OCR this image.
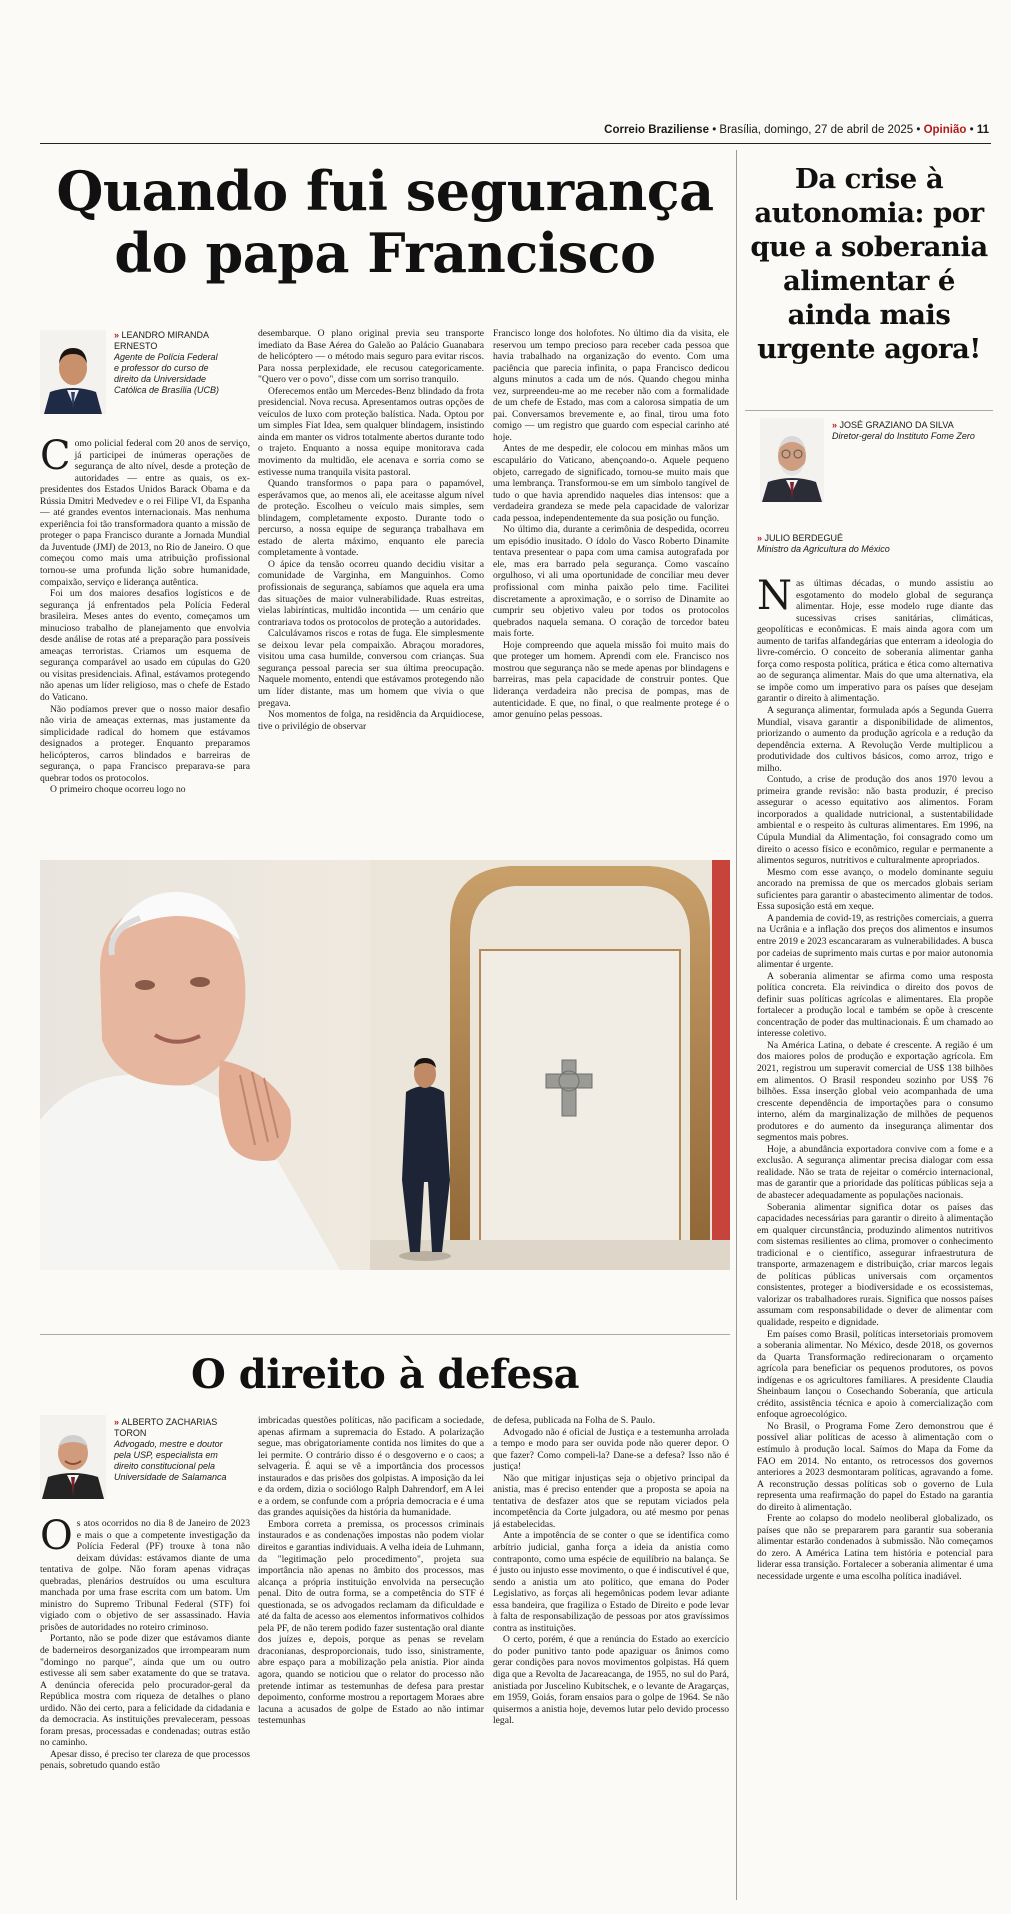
Correio Braziliense • Brasília, domingo, 27 de abril de 2025 • Opinião • 11
Quando fui segurança do papa Francisco
» LEANDRO MIRANDA ERNESTO
Agente de Polícia Federal e professor do curso de direito da Universidade Católica de Brasília (UCB)

Como policial federal com 20 anos de serviço, já participei de inúmeras operações de segurança de alto nível, desde a proteção de autoridades — entre as quais, os ex-presidentes dos Estados Unidos Barack Obama e da Rússia Dmitri Medvedev e o rei Filipe VI, da Espanha — até grandes eventos internacionais. Mas nenhuma experiência foi tão transformadora quanto a missão de proteger o papa Francisco durante a Jornada Mundial da Juventude (JMJ) de 2013, no Rio de Janeiro. O que começou como mais uma atribuição profissional tornou-se uma profunda lição sobre humanidade, compaixão, serviço e liderança autêntica.

Foi um dos maiores desafios logísticos e de segurança já enfrentados pela Polícia Federal brasileira. Meses antes do evento, começamos um minucioso trabalho de planejamento que envolvia desde análise de rotas até a preparação para possíveis ameaças terroristas. Criamos um esquema de segurança comparável ao usado em cúpulas do G20 ou visitas presidenciais. Afinal, estávamos protegendo não apenas um líder religioso, mas o chefe de Estado do Vaticano.

Não podíamos prever que o nosso maior desafio não viria de ameaças externas, mas justamente da simplicidade radical do homem que estávamos designados a proteger. Enquanto preparamos helicópteros, carros blindados e barreiras de segurança, o papa Francisco preparava-se para quebrar todos os protocolos.

O primeiro choque ocorreu logo no

desembarque. O plano original previa seu transporte imediato da Base Aérea do Galeão ao Palácio Guanabara de helicóptero — o método mais seguro para evitar riscos. Para nossa perplexidade, ele recusou categoricamente. "Quero ver o povo", disse com um sorriso tranquilo.

Oferecemos então um Mercedes-Benz blindado da frota presidencial. Nova recusa. Apresentamos outras opções de veículos de luxo com proteção balística. Nada. Optou por um simples Fiat Idea, sem qualquer blindagem, insistindo ainda em manter os vidros totalmente abertos durante todo o trajeto. Enquanto a nossa equipe monitorava cada movimento da multidão, ele acenava e sorria como se estivesse numa tranquila visita pastoral.

Quando transformos o papa para o papamóvel, esperávamos que, ao menos ali, ele aceitasse algum nível de proteção. Escolheu o veículo mais simples, sem blindagem, completamente exposto. Durante todo o percurso, a nossa equipe de segurança trabalhava em estado de alerta máximo, enquanto ele parecia completamente à vontade.

O ápice da tensão ocorreu quando decidiu visitar a comunidade de Varginha, em Manguinhos. Como profissionais de segurança, sabíamos que aquela era uma das situações de maior vulnerabilidade. Ruas estreitas, vielas labirínticas, multidão incontida — um cenário que contrariava todos os protocolos de proteção a autoridades.

Calculávamos riscos e rotas de fuga. Ele simplesmente se deixou levar pela compaixão. Abraçou moradores, visitou uma casa humilde, conversou com crianças. Sua segurança pessoal parecia ser sua última preocupação. Naquele momento, entendi que estávamos protegendo não um líder distante, mas um homem que vivia o que pregava.

Nos momentos de folga, na residência da Arquidiocese, tive o privilégio de observar

Francisco longe dos holofotes. No último dia da visita, ele reservou um tempo precioso para receber cada pessoa que havia trabalhado na organização do evento. Com uma paciência que parecia infinita, o papa Francisco dedicou alguns minutos a cada um de nós. Quando chegou minha vez, surpreendeu-me ao me receber não com a formalidade de um chefe de Estado, mas com a calorosa simpatia de um pai. Conversamos brevemente e, ao final, tirou uma foto comigo — um registro que guardo com especial carinho até hoje.

Antes de me despedir, ele colocou em minhas mãos um escapulário do Vaticano, abençoando-o. Aquele pequeno objeto, carregado de significado, tornou-se muito mais que uma lembrança. Transformou-se em um símbolo tangível de tudo o que havia aprendido naqueles dias intensos: que a verdadeira grandeza se mede pela capacidade de valorizar cada pessoa, independentemente da sua posição ou função.

No último dia, durante a cerimônia de despedida, ocorreu um episódio inusitado. O ídolo do Vasco Roberto Dinamite tentava presentear o papa com uma camisa autografada por ele, mas era barrado pela segurança. Como vascaíno orgulhoso, vi ali uma oportunidade de conciliar meu dever profissional com minha paixão pelo time. Facilitei discretamente a aproximação, e o sorriso de Dinamite ao cumprir seu objetivo valeu por todos os protocolos quebrados naquela semana. O coração de torcedor bateu mais forte.

Hoje compreendo que aquela missão foi muito mais do que proteger um homem. Aprendi com ele. Francisco nos mostrou que segurança não se mede apenas por blindagens e barreiras, mas pela capacidade de construir pontes. Que liderança verdadeira não precisa de pompas, mas de autenticidade. E que, no final, o que realmente protege é o amor genuíno pelas pessoas.

O direito à defesa
» ALBERTO ZACHARIAS TORON
Advogado, mestre e doutor pela USP, especialista em direito constitucional pela Universidade de Salamanca

Os atos ocorridos no dia 8 de Janeiro de 2023 e mais o que a competente investigação da Polícia Federal (PF) trouxe à tona não deixam dúvidas: estávamos diante de uma tentativa de golpe. Não foram apenas vidraças quebradas, plenários destruídos ou uma escultura manchada por uma frase escrita com um batom. Um ministro do Supremo Tribunal Federal (STF) foi vigiado com o objetivo de ser assassinado. Havia prisões de autoridades no roteiro criminoso.

Portanto, não se pode dizer que estávamos diante de baderneiros desorganizados que irrompearam num "domingo no parque", ainda que um ou outro estivesse ali sem saber exatamente do que se tratava. A denúncia oferecida pelo procurador-geral da República mostra com riqueza de detalhes o plano urdido. Não dei certo, para a felicidade da cidadania e da democracia. As instituições prevaleceram, pessoas foram presas, processadas e condenadas; outras estão no caminho.

Apesar disso, é preciso ter clareza de que processos penais, sobretudo quando estão

imbricadas questões políticas, não pacificam a sociedade, apenas afirmam a supremacia do Estado. A polarização segue, mas obrigatoriamente contida nos limites do que a lei permite. O contrário disso é o desgoverno e o caos; a selvageria. É aqui se vê a importância dos processos instaurados e das prisões dos golpistas. A imposição da lei e da ordem, dizia o sociólogo Ralph Dahrendorf, em A lei e a ordem, se confunde com a própria democracia e é uma das grandes aquisições da história da humanidade.

Embora correta a premissa, os processos criminais instaurados e as condenações impostas não podem violar direitos e garantias individuais. A velha ideia de Luhmann, da "legitimação pelo procedimento", projeta sua importância não apenas no âmbito dos processos, mas alcança a própria instituição envolvida na persecução penal. Dito de outra forma, se a competência do STF é questionada, se os advogados reclamam da dificuldade e até da falta de acesso aos elementos informativos colhidos pela PF, de não terem podido fazer sustentação oral diante dos juízes e, depois, porque as penas se revelam draconianas, desproporcionais, tudo isso, sinistramente, abre espaço para a mobilização pela anistia. Pior ainda agora, quando se noticiou que o relator do processo não pretende intimar as testemunhas de defesa para prestar depoimento, conforme mostrou a reportagem Moraes abre lacuna a acusados de golpe de Estado ao não intimar testemunhas

de defesa, publicada na Folha de S. Paulo.

Advogado não é oficial de Justiça e a testemunha arrolada a tempo e modo para ser ouvida pode não querer depor. O que fazer? Como compeli-la? Dane-se a defesa? Isso não é justiça!

Não que mitigar injustiças seja o objetivo principal da anistia, mas é preciso entender que a proposta se apoia na tentativa de desfazer atos que se reputam viciados pela incompetência da Corte julgadora, ou até mesmo por penas já estabelecidas.

Ante a impotência de se conter o que se identifica como arbítrio judicial, ganha força a ideia da anistia como contraponto, como uma espécie de equilíbrio na balança. Se é justo ou injusto esse movimento, o que é indiscutível é que, sendo a anistia um ato político, que emana do Poder Legislativo, as forças ali hegemônicas podem levar adiante essa bandeira, que fragiliza o Estado de Direito e pode levar à falta de responsabilização de pessoas por atos gravíssimos contra as instituições.

O certo, porém, é que a renúncia do Estado ao exercício do poder punitivo tanto pode apaziguar os ânimos como gerar condições para novos movimentos golpistas. Há quem diga que a Revolta de Jacareacanga, de 1955, no sul do Pará, anistiada por Juscelino Kubitschek, e o levante de Aragarças, em 1959, Goiás, foram ensaios para o golpe de 1964. Se não quisermos a anistia hoje, devemos lutar pelo devido processo legal.

Da crise à autonomia: por que a soberania alimentar é ainda mais urgente agora!
» JOSÉ GRAZIANO DA SILVA
Diretor-geral do Instituto Fome Zero
» JULIO BERDEGUÉ
Ministro da Agricultura do México

Nas últimas décadas, o mundo assistiu ao esgotamento do modelo global de segurança alimentar. Hoje, esse modelo ruge diante das sucessivas crises sanitárias, climáticas, geopolíticas e econômicas. E mais ainda agora com um aumento de tarifas alfandegárias que enterram a ideologia do livre-comércio. O conceito de soberania alimentar ganha força como resposta política, prática e ética como alternativa ao de segurança alimentar. Mais do que uma alternativa, ela se impõe como um imperativo para os países que desejam garantir o direito à alimentação.

A segurança alimentar, formulada após a Segunda Guerra Mundial, visava garantir a disponibilidade de alimentos, priorizando o aumento da produção agrícola e a redução da dependência externa. A Revolução Verde multiplicou a produtividade dos cultivos básicos, como arroz, trigo e milho.

Contudo, a crise de produção dos anos 1970 levou a primeira grande revisão: não basta produzir, é preciso assegurar o acesso equitativo aos alimentos. Foram incorporados a qualidade nutricional, a sustentabilidade ambiental e o respeito às culturas alimentares. Em 1996, na Cúpula Mundial da Alimentação, foi consagrado como um direito o acesso físico e econômico, regular e permanente a alimentos seguros, nutritivos e culturalmente apropriados.

Mesmo com esse avanço, o modelo dominante seguiu ancorado na premissa de que os mercados globais seriam suficientes para garantir o abastecimento alimentar de todos. Essa suposição está em xeque.

A pandemia de covid-19, as restrições comerciais, a guerra na Ucrânia e a inflação dos preços dos alimentos e insumos entre 2019 e 2023 escancararam as vulnerabilidades. A busca por cadeias de suprimento mais curtas e por maior autonomia alimentar é urgente.

A soberania alimentar se afirma como uma resposta política concreta. Ela reivindica o direito dos povos de definir suas políticas agrícolas e alimentares. Ela propõe fortalecer a produção local e também se opõe à crescente concentração de poder das multinacionais. É um chamado ao interesse coletivo.

Na América Latina, o debate é crescente. A região é um dos maiores polos de produção e exportação agrícola. Em 2021, registrou um superavit comercial de US$ 138 bilhões em alimentos. O Brasil respondeu sozinho por US$ 76 bilhões. Essa inserção global veio acompanhada de uma crescente dependência de importações para o consumo interno, além da marginalização de milhões de pequenos produtores e do aumento da insegurança alimentar dos segmentos mais pobres.

Hoje, a abundância exportadora convive com a fome e a exclusão. A segurança alimentar precisa dialogar com essa realidade. Não se trata de rejeitar o comércio internacional, mas de garantir que a prioridade das políticas públicas seja a de abastecer adequadamente as populações nacionais.

Soberania alimentar significa dotar os países das capacidades necessárias para garantir o direito à alimentação em qualquer circunstância, produzindo alimentos nutritivos com sistemas resilientes ao clima, promover o conhecimento tradicional e o científico, assegurar infraestrutura de transporte, armazenagem e distribuição, criar marcos legais de políticas públicas universais com orçamentos consistentes, proteger a biodiversidade e os ecossistemas, valorizar os trabalhadores rurais. Significa que nossos países assumam com responsabilidade o dever de alimentar com qualidade, respeito e dignidade.

Em países como Brasil, políticas intersetoriais promovem a soberania alimentar. No México, desde 2018, os governos da Quarta Transformação redirecionaram o orçamento agrícola para beneficiar os pequenos produtores, os povos indígenas e os agricultores familiares. A presidente Claudia Sheinbaum lançou o Cosechando Soberanía, que articula crédito, assistência técnica e apoio à comercialização com enfoque agroecológico.

No Brasil, o Programa Fome Zero demonstrou que é possível aliar políticas de acesso à alimentação com o estímulo à produção local. Saímos do Mapa da Fome da FAO em 2014. No entanto, os retrocessos dos governos anteriores a 2023 desmontaram políticas, agravando a fome. A reconstrução dessas políticas sob o governo de Lula representa uma reafirmação do papel do Estado na garantia do direito à alimentação.

Frente ao colapso do modelo neoliberal globalizado, os países que não se prepararem para garantir sua soberania alimentar estarão condenados à submissão. Não começamos do zero. A América Latina tem história e potencial para liderar essa transição. Fortalecer a soberania alimentar é uma necessidade urgente e uma escolha política inadiável.
